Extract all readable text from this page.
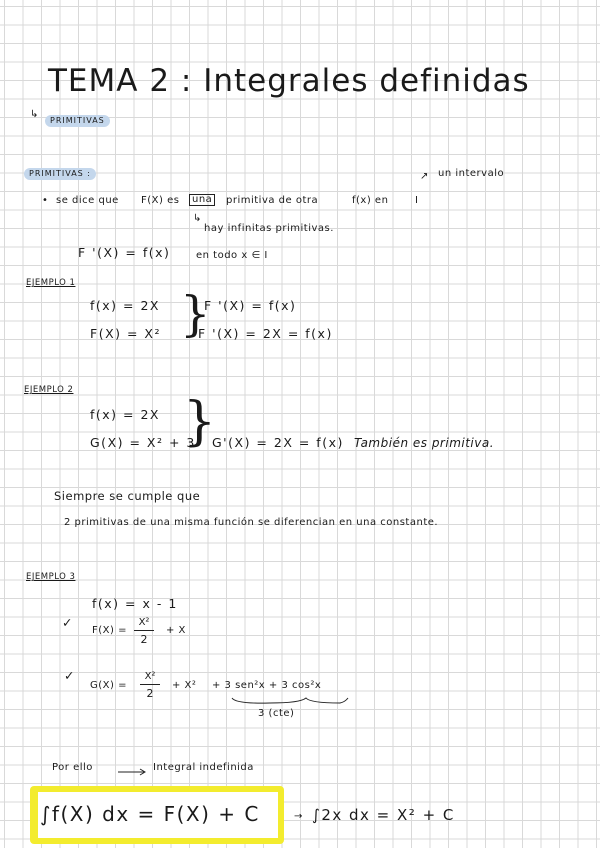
TEMA 2 : Integrales definidas
↳
PRIMITIVAS
PRIMITIVAS :	↗ un intervalo
• se dice que F(X) es	una	primitiva de otra	f(x) en	I
↳
hay infinitas primitivas.
F '(X) = f(x)	en todo x ∈ I
EJEMPLO 1
f(x) = 2X
F(X) = X² }
F '(X) = f(x)
F '(X) = 2X = f(x)
EJEMPLO 2
f(x) = 2X
G(X) = X² + 3
}
G'(X) = 2X = f(x) También es primitiva.
Siempre se cumple que
2 primitivas de una misma función se diferencian en una constante.
EJEMPLO 3
f(x) = x - 1
✓
F(X) =
X²
2
+ X
✓
G(X) =
X²
2
+ X² + 3 sen²x + 3 cos²x
3 (cte)
Por ello	Integral indefinida
∫f(X) dx = F(X) + C	→ ∫2x dx = X² + C
